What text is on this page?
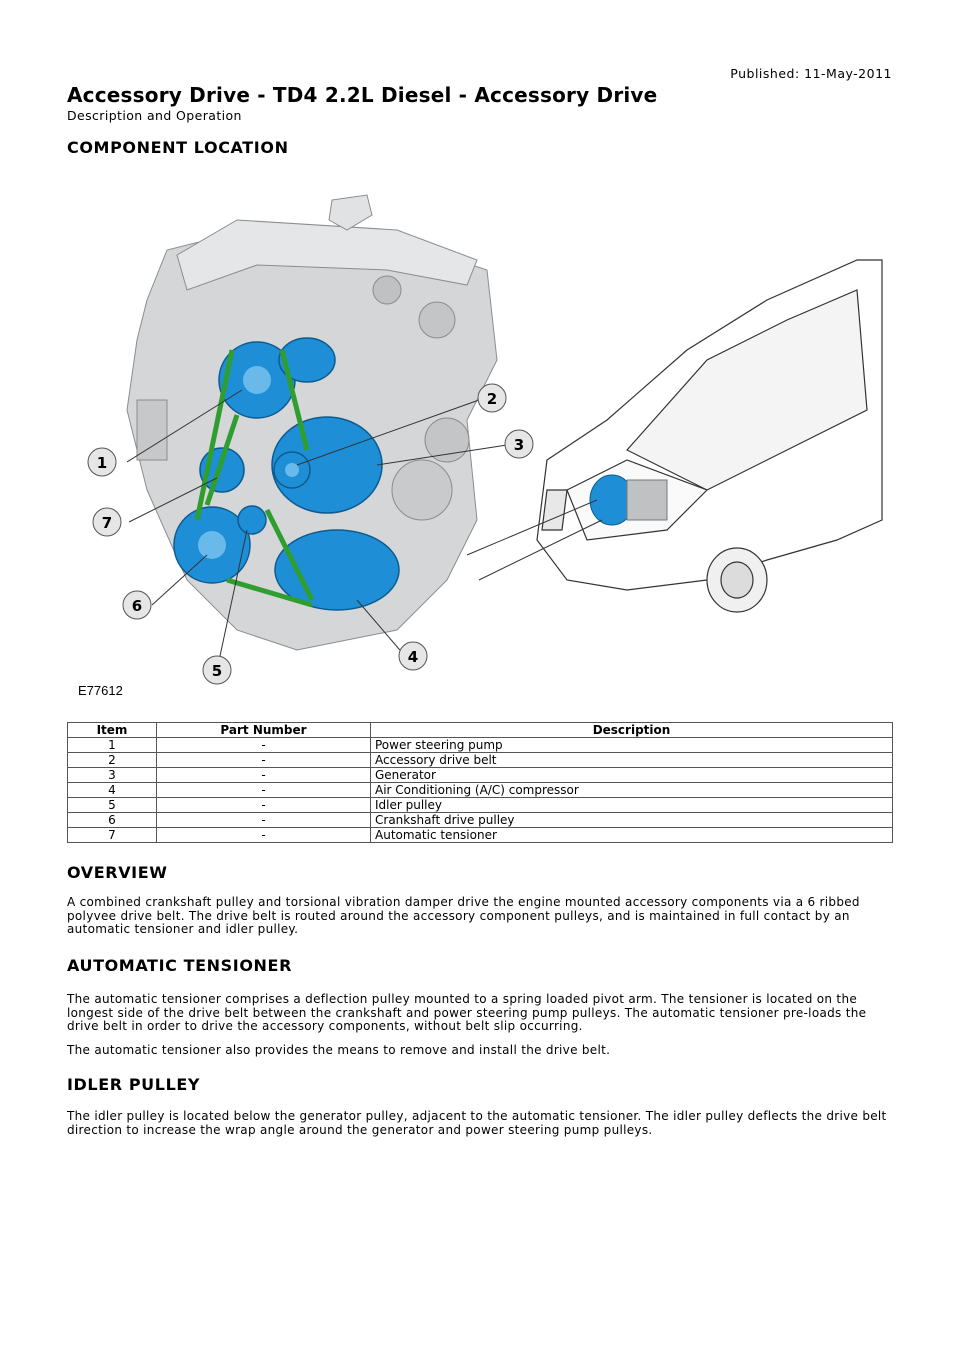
Published: 11-May-2011
Accessory Drive - TD4 2.2L Diesel - Accessory Drive
Description and Operation
COMPONENT LOCATION
1
2
3
4
5
6
7
E77612
Item	Part Number	Description
1	-	Power steering pump
2	-	Accessory drive belt
3	-	Generator
4	-	Air Conditioning (A/C) compressor
5	-	Idler pulley
6	-	Crankshaft drive pulley
7	-	Automatic tensioner
OVERVIEW

A combined crankshaft pulley and torsional vibration damper drive the engine mounted accessory components via a 6 ribbed polyvee drive belt. The drive belt is routed around the accessory component pulleys, and is maintained in full contact by an automatic tensioner and idler pulley.

AUTOMATIC TENSIONER

The automatic tensioner comprises a deflection pulley mounted to a spring loaded pivot arm. The tensioner is located on the longest side of the drive belt between the crankshaft and power steering pump pulleys. The automatic tensioner pre-loads the drive belt in order to drive the accessory components, without belt slip occurring.

The automatic tensioner also provides the means to remove and install the drive belt.

IDLER PULLEY

The idler pulley is located below the generator pulley, adjacent to the automatic tensioner. The idler pulley deflects the drive belt direction to increase the wrap angle around the generator and power steering pump pulleys.
